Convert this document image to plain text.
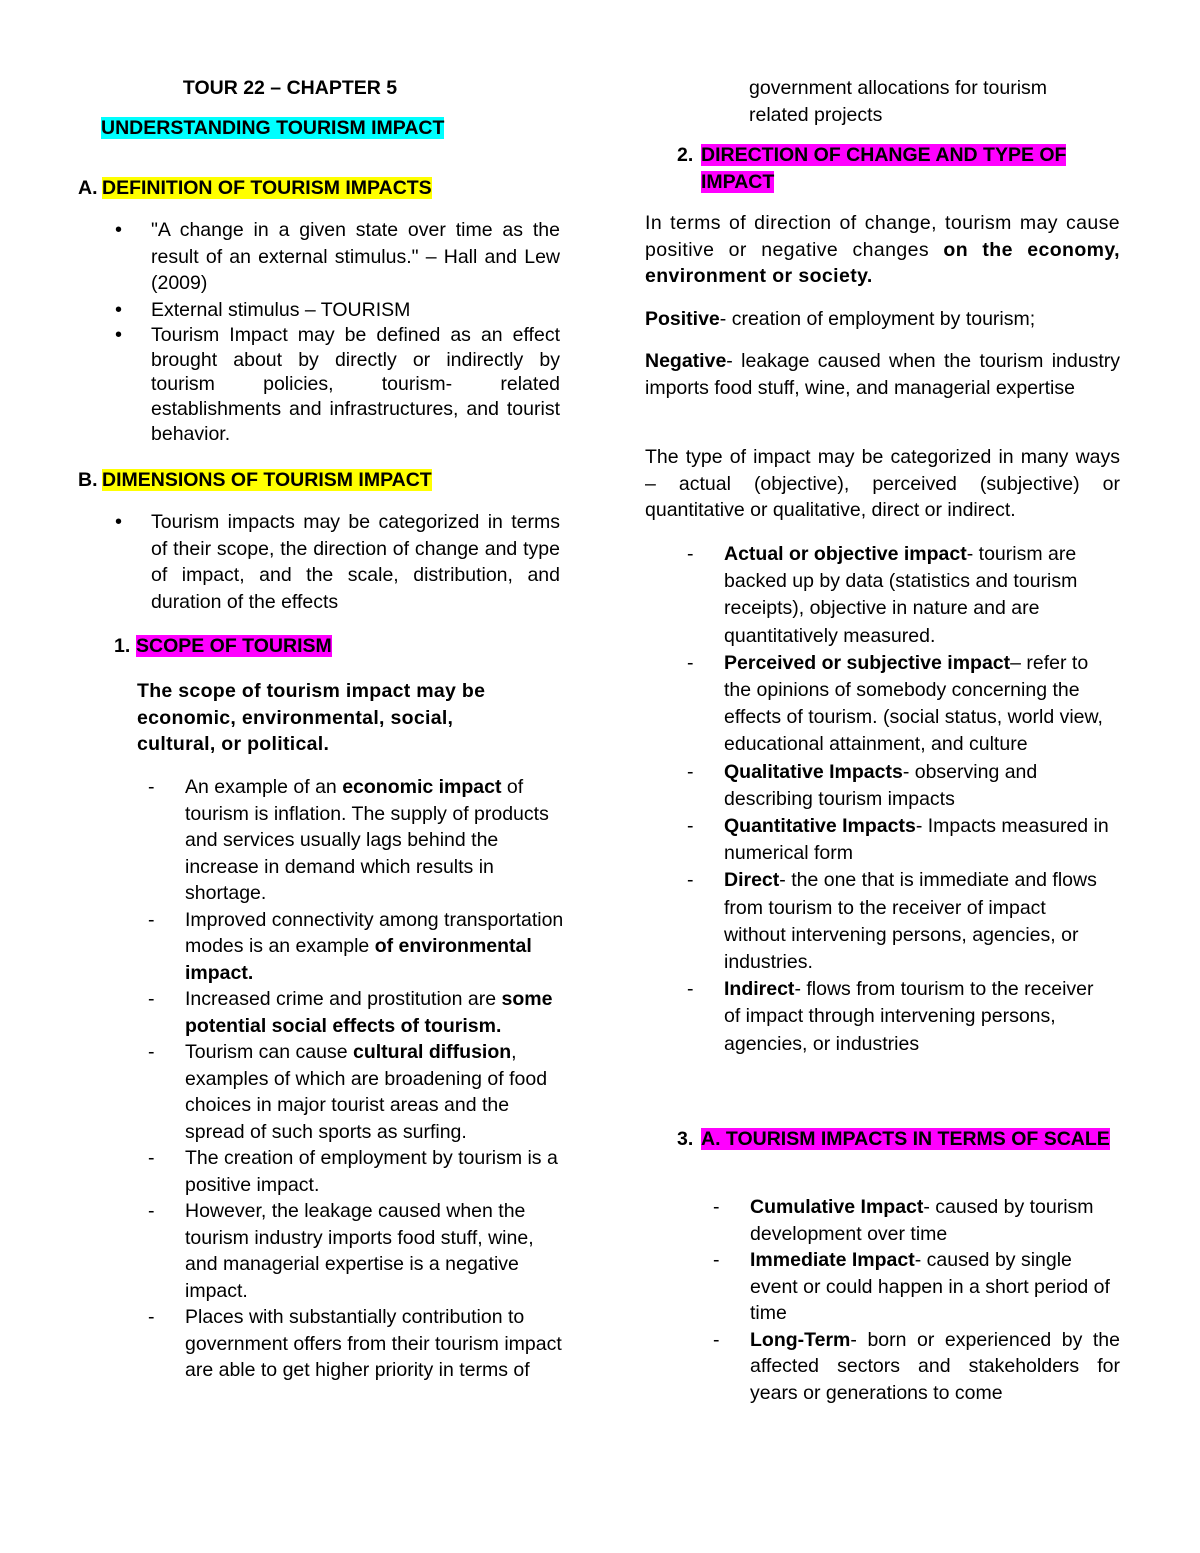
TOUR 22 – CHAPTER 5
UNDERSTANDING TOURISM IMPACT
A. DEFINITION OF TOURISM IMPACTS
• "A change in a given state over time as the result of an external stimulus." – Hall and Lew (2009)
• External stimulus – TOURISM
• Tourism Impact may be defined as an effect brought about by directly or indirectly by tourism policies, tourism- related establishments and infrastructures, and tourist behavior.
B. DIMENSIONS OF TOURISM IMPACT
• Tourism impacts may be categorized in terms of their scope, the direction of change and type of impact, and the scale, distribution, and duration of the effects
1. SCOPE OF TOURISM

The scope of tourism impact may be economic, environmental, social, cultural, or political.

- An example of an economic impact of tourism is inflation. The supply of products and services usually lags behind the increase in demand which results in shortage.
- Improved connectivity among transportation modes is an example of environmental impact.
- Increased crime and prostitution are some potential social effects of tourism.
- Tourism can cause cultural diffusion, examples of which are broadening of food choices in major tourist areas and the spread of such sports as surfing.
- The creation of employment by tourism is a positive impact.
- However, the leakage caused when the tourism industry imports food stuff, wine, and managerial expertise is a negative impact.
- Places with substantially contribution to government offers from their tourism impact are able to get higher priority in terms of

government allocations for tourism related projects

2. DIRECTION OF CHANGE AND TYPE OF IMPACT

In terms of direction of change, tourism may cause positive or negative changes on the economy, environment or society.

Positive- creation of employment by tourism;

Negative- leakage caused when the tourism industry imports food stuff, wine, and managerial expertise

The type of impact may be categorized in many ways – actual (objective), perceived (subjective) or quantitative or qualitative, direct or indirect.

- Actual or objective impact- tourism are backed up by data (statistics and tourism receipts), objective in nature and are quantitatively measured.
- Perceived or subjective impact– refer to the opinions of somebody concerning the effects of tourism. (social status, world view, educational attainment, and culture
- Qualitative Impacts- observing and describing tourism impacts
- Quantitative Impacts- Impacts measured in numerical form
- Direct- the one that is immediate and flows from tourism to the receiver of impact without intervening persons, agencies, or industries.
- Indirect- flows from tourism to the receiver of impact through intervening persons, agencies, or industries
3. A. TOURISM IMPACTS IN TERMS OF SCALE
- Cumulative Impact- caused by tourism development over time
- Immediate Impact- caused by single event or could happen in a short period of time
- Long-Term- born or experienced by the affected sectors and stakeholders for years or generations to come
